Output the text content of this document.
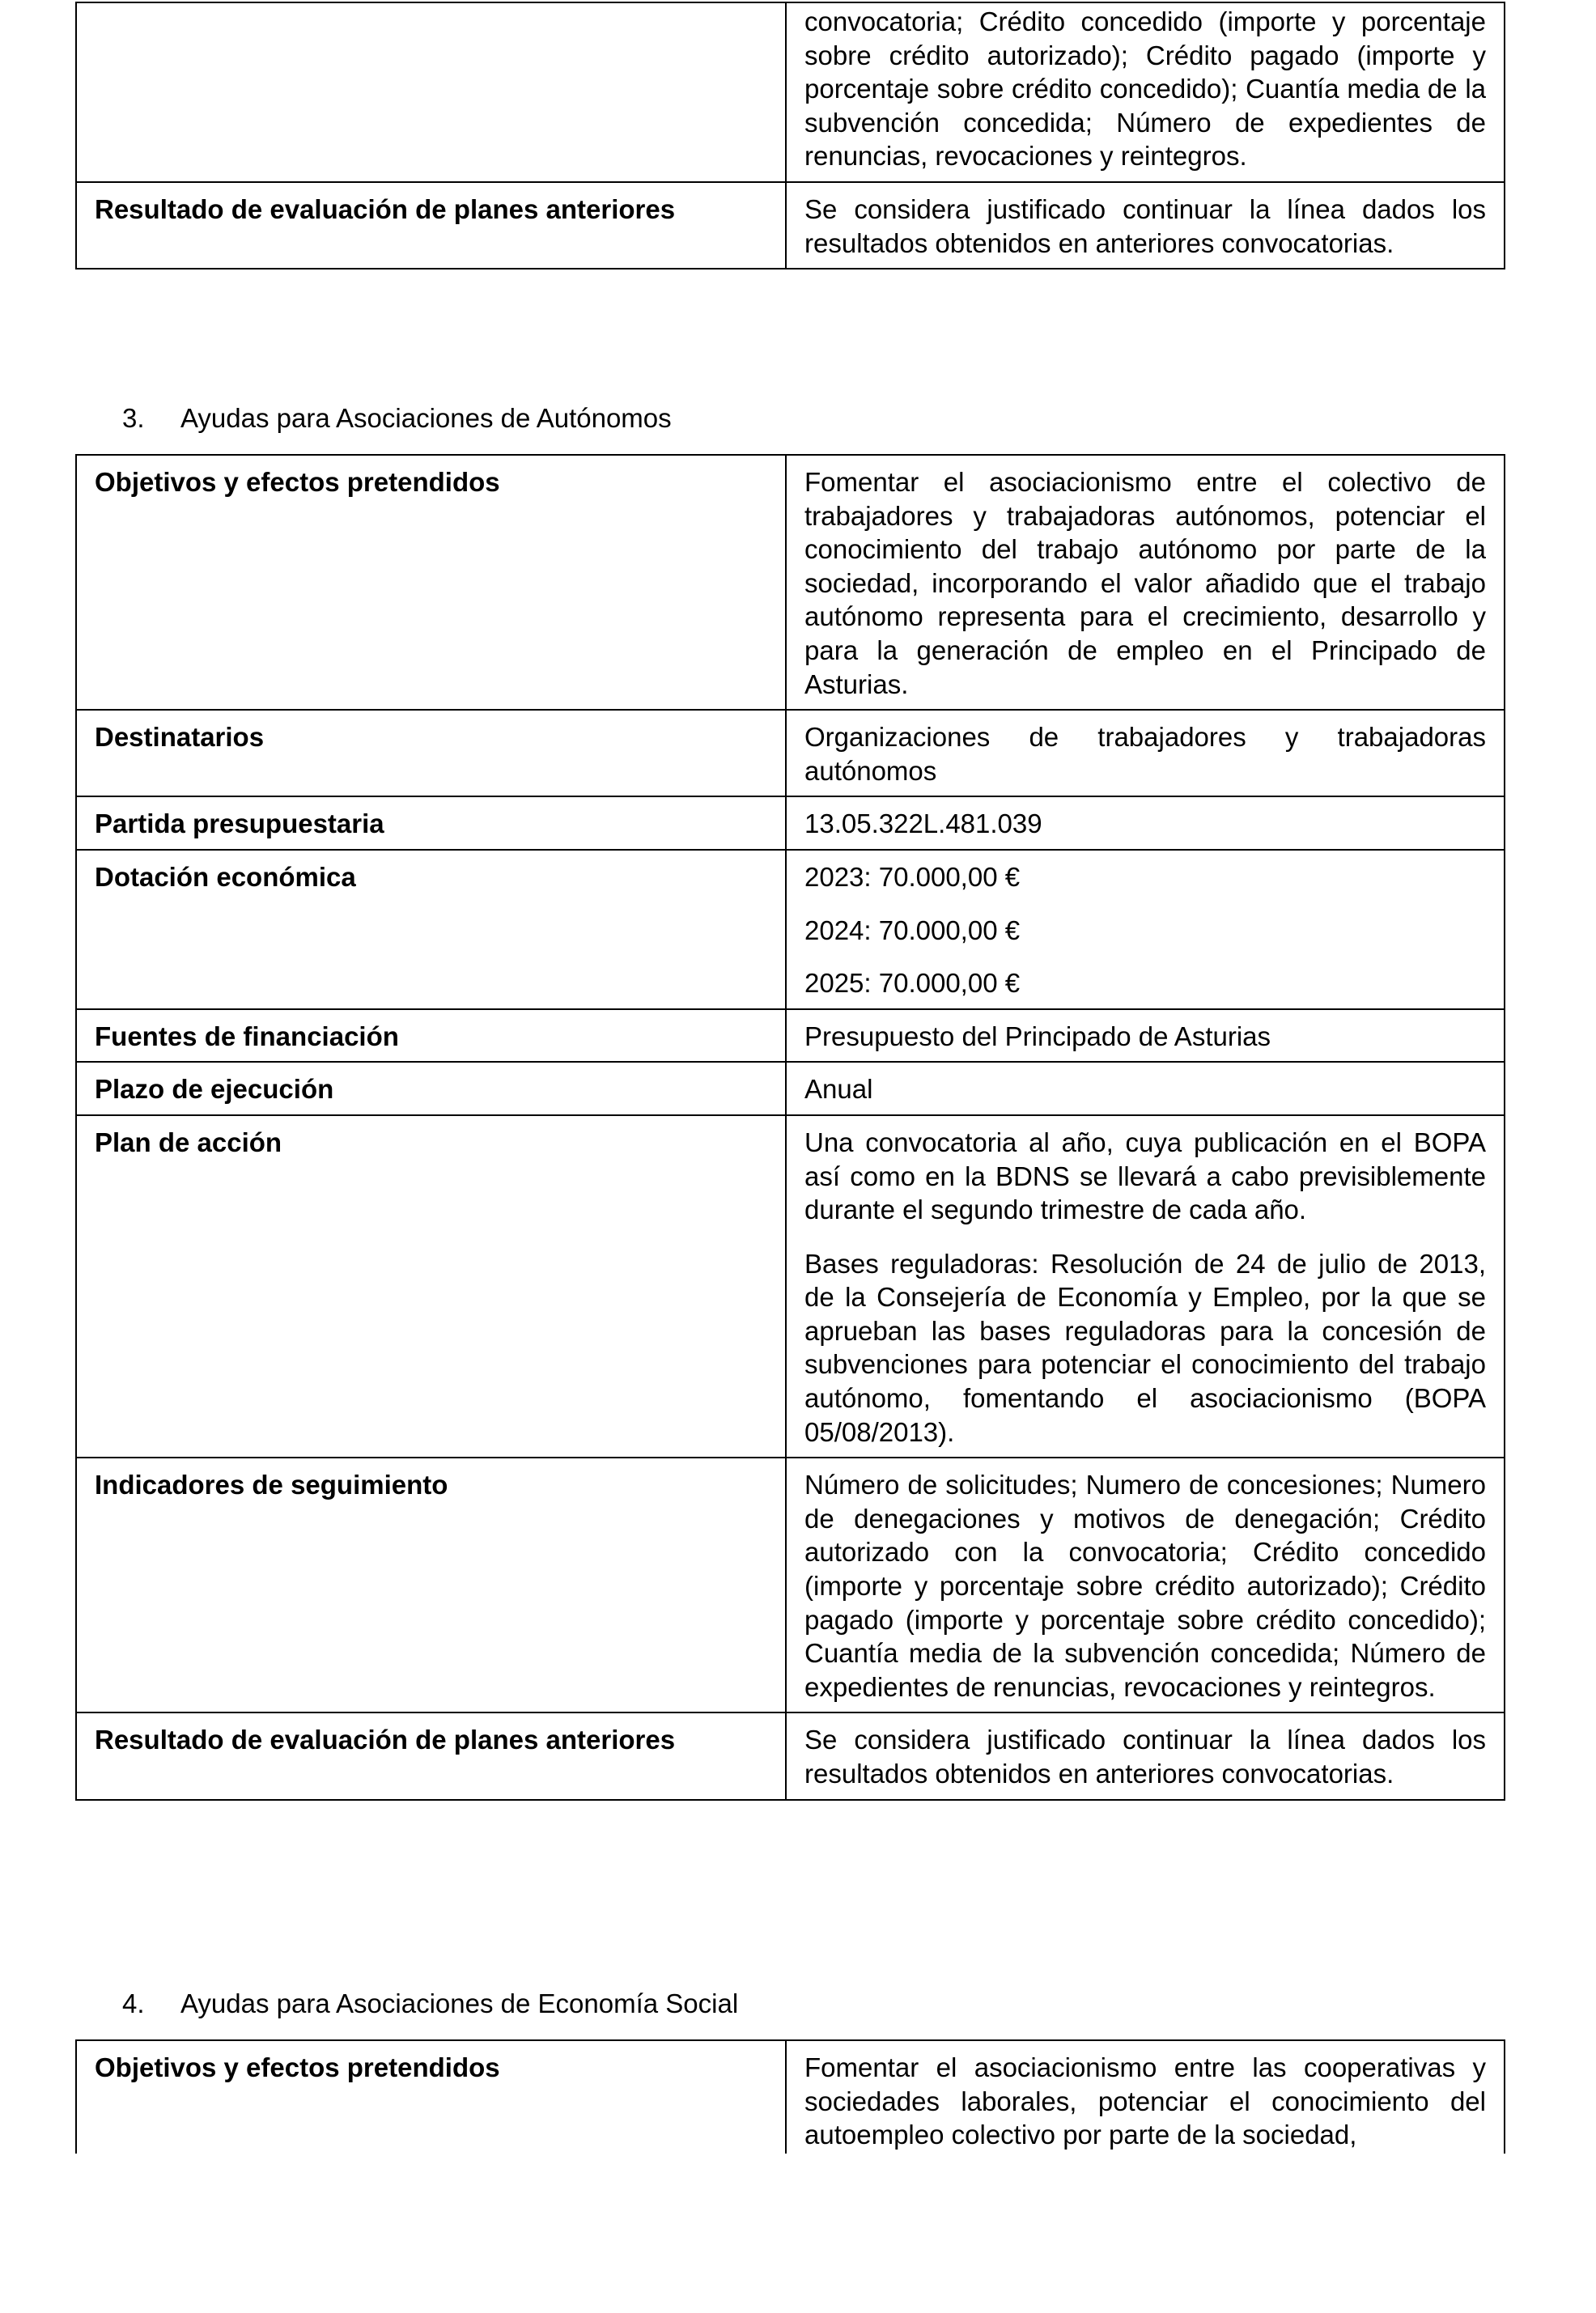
	convocatoria; Crédito concedido (importe y porcentaje sobre crédito autorizado); Crédito pagado (importe y porcentaje sobre crédito concedido); Cuantía media de la subvención concedida; Número de expedientes de renuncias, revocaciones y reintegros.
Resultado de evaluación de planes anteriores	Se considera justificado continuar la línea dados los resultados obtenidos en anteriores convocatorias.
3. Ayudas para Asociaciones de Autónomos
Objetivos y efectos pretendidos	Fomentar el asociacionismo entre el colectivo de trabajadores y trabajadoras autónomos, potenciar el conocimiento del trabajo autónomo por parte de la sociedad, incorporando el valor añadido que el trabajo autónomo representa para el crecimiento, desarrollo y para la generación de empleo en el Principado de Asturias.
Destinatarios	Organizaciones de trabajadores y trabajadoras autónomos
Partida presupuestaria	13.05.322L.481.039
Dotación económica	2023: 70.000,00 €
2024: 70.000,00 €
2025: 70.000,00 €

Fuentes de financiación	Presupuesto del Principado de Asturias
Plazo de ejecución	Anual
Plan de acción	Una convocatoria al año, cuya publicación en el BOPA así como en la BDNS se llevará a cabo previsiblemente durante el segundo trimestre de cada año.

Bases reguladoras: Resolución de 24 de julio de 2013, de la Consejería de Economía y Empleo, por la que se aprueban las bases reguladoras para la concesión de subvenciones para potenciar el conocimiento del trabajo autónomo, fomentando el asociacionismo (BOPA 05/08/2013).

Indicadores de seguimiento	Número de solicitudes; Numero de concesiones; Numero de denegaciones y motivos de denegación; Crédito autorizado con la convocatoria; Crédito concedido (importe y porcentaje sobre crédito autorizado); Crédito pagado (importe y porcentaje sobre crédito concedido); Cuantía media de la subvención concedida; Número de expedientes de renuncias, revocaciones y reintegros.
Resultado de evaluación de planes anteriores	Se considera justificado continuar la línea dados los resultados obtenidos en anteriores convocatorias.
4. Ayudas para Asociaciones de Economía Social
Objetivos y efectos pretendidos	Fomentar el asociacionismo entre las cooperativas y sociedades laborales, potenciar el conocimiento del autoempleo colectivo por parte de la sociedad,
